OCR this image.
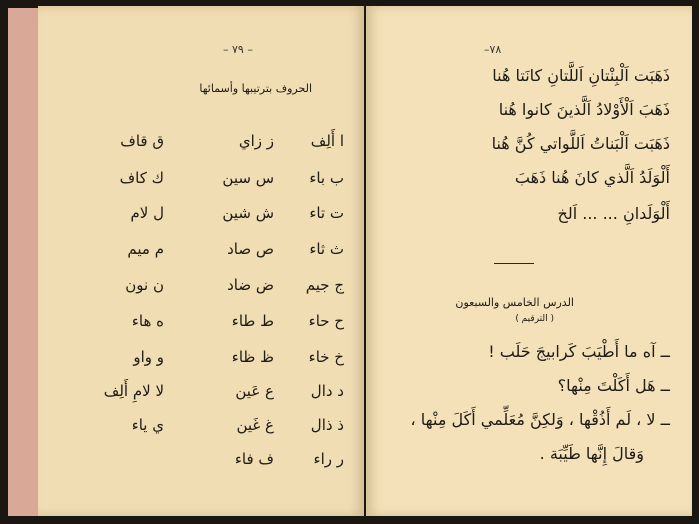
– ٧٩ –
الحروف بترتيبها وأسمائها
ا أَلِف
ب باء
ت تاء
ث ثاء
ج جيم
ح حاء
خ خاء
د دال
ذ ذال
ر راء
ز زاي
س سين
ش شين
ص صاد
ض ضاد
ط طاء
ظ ظاء
ع عَين
غ غَين
ف فاء
ق قاف
ك كاف
ل لام
م ميم
ن نون
ه هاء
و واو
لا لامِ أَلِف
ي ياء
–٧٨
ذَهَبَت اَلْبِنْتانِ اَللَّتانِ كانَتا هُنا
ذَهَبَ اَلْأَوْلادُ اَلَّذينَ كانوا هُنا
ذَهَبَت اَلْبَناتُ اَللَّواتي كُنَّ هُنا
أَلْوَلَدُ اَلَّذي كانَ هُنا ذَهَبَ
أَلْوَلَدانِ ... ... اَلخ
الدرس الخامس والسبعون
( الترقيم )
ــ آه ما أَطْيَبَ كَرابيجَ حَلَب !
ــ هَل أَكَلْتَ مِنْها؟
ــ لا ، لَم أَذُقْها ، وَلكِنَّ مُعَلِّمي أَكَلَ مِنْها ،
وَقالَ إِنَّها طَيِّبَة .
